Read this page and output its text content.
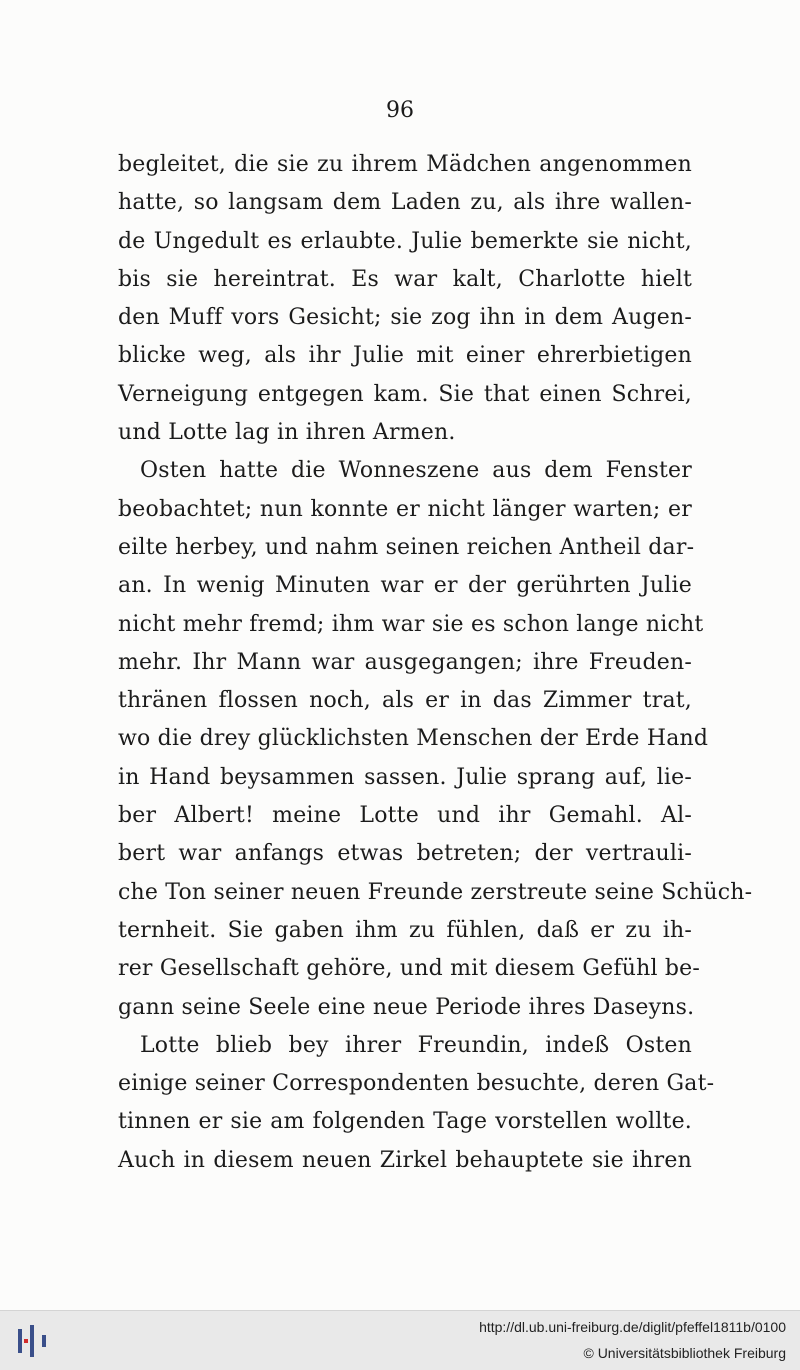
96
begleitet, die sie zu ihrem Mädchen angenommen
hatte, so langsam dem Laden zu, als ihre wallen-
de Ungedult es erlaubte. Julie bemerkte sie nicht,
bis sie hereintrat. Es war kalt, Charlotte hielt
den Muff vors Gesicht; sie zog ihn in dem Augen-
blicke weg, als ihr Julie mit einer ehrerbietigen
Verneigung entgegen kam. Sie that einen Schrei,
und Lotte lag in ihren Armen.
Osten hatte die Wonneszene aus dem Fenster
beobachtet; nun konnte er nicht länger warten; er
eilte herbey, und nahm seinen reichen Antheil dar-
an. In wenig Minuten war er der gerührten Julie
nicht mehr fremd; ihm war sie es schon lange nicht
mehr. Ihr Mann war ausgegangen; ihre Freuden-
thränen flossen noch, als er in das Zimmer trat,
wo die drey glücklichsten Menschen der Erde Hand
in Hand beysammen sassen. Julie sprang auf, lie-
ber Albert! meine Lotte und ihr Gemahl. Al-
bert war anfangs etwas betreten; der vertrauli-
che Ton seiner neuen Freunde zerstreute seine Schüch-
ternheit. Sie gaben ihm zu fühlen, daß er zu ih-
rer Gesellschaft gehöre, und mit diesem Gefühl be-
gann seine Seele eine neue Periode ihres Daseyns.
Lotte blieb bey ihrer Freundin, indeß Osten
einige seiner Correspondenten besuchte, deren Gat-
tinnen er sie am folgenden Tage vorstellen wollte.
Auch in diesem neuen Zirkel behauptete sie ihren
http://dl.ub.uni-freiburg.de/diglit/pfeffel1811b/0100
© Universitätsbibliothek Freiburg
